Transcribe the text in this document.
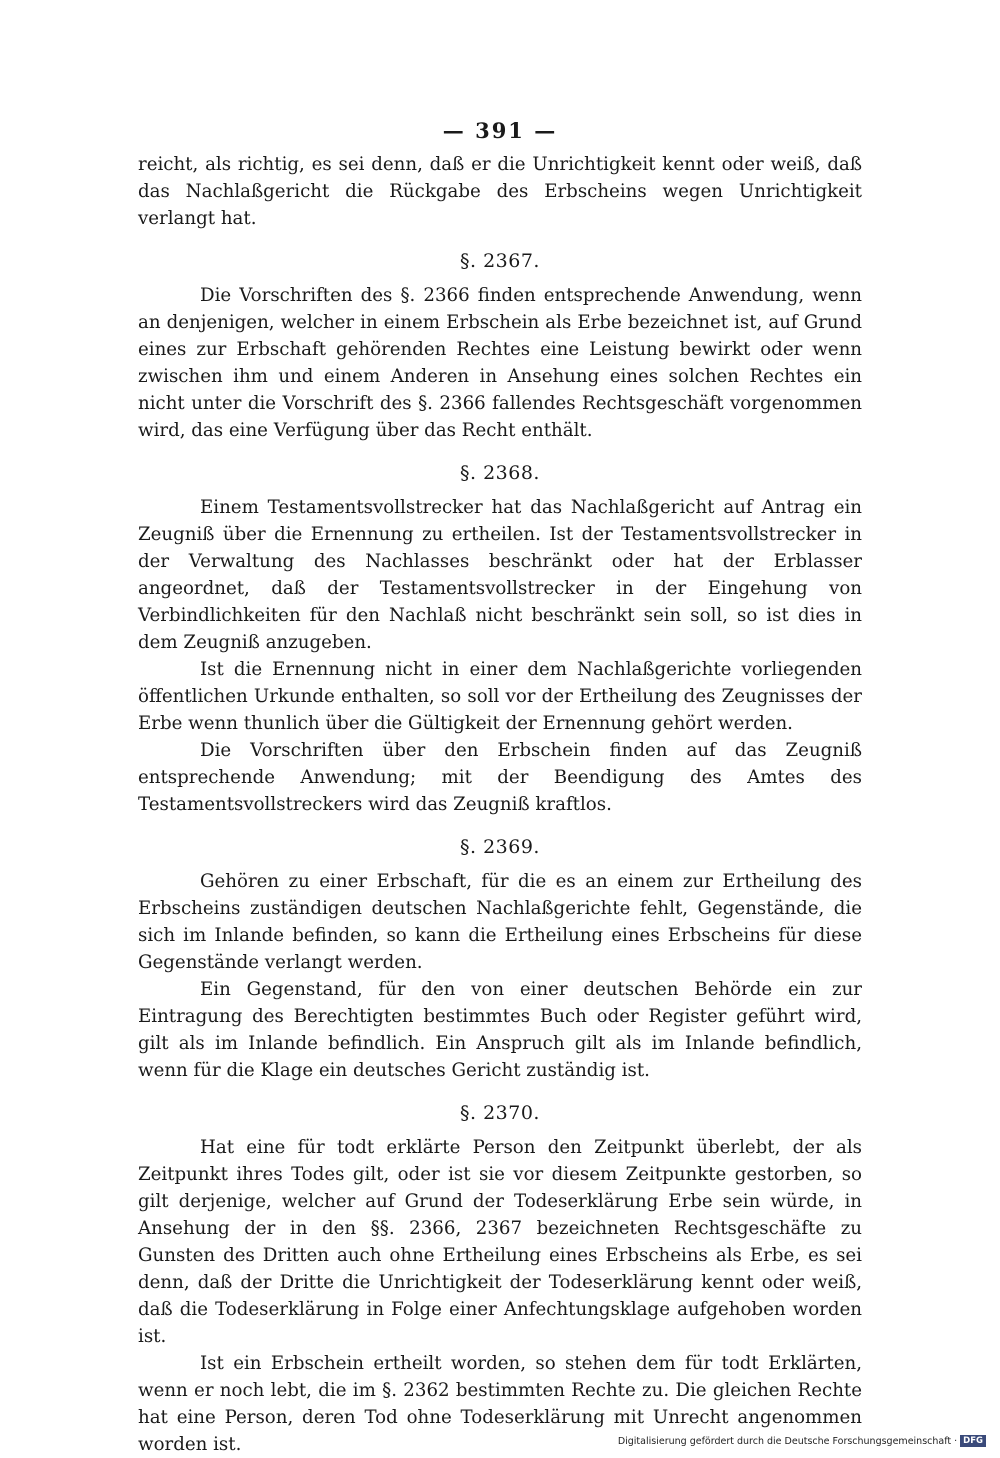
— 391 —

reicht, als richtig, es sei denn, daß er die Unrichtigkeit kennt oder weiß, daß das Nachlaßgericht die Rückgabe des Erbscheins wegen Unrichtigkeit verlangt hat.

§. 2367.

Die Vorschriften des §. 2366 finden entsprechende Anwendung, wenn an denjenigen, welcher in einem Erbschein als Erbe bezeichnet ist, auf Grund eines zur Erbschaft gehörenden Rechtes eine Leistung bewirkt oder wenn zwischen ihm und einem Anderen in Ansehung eines solchen Rechtes ein nicht unter die Vorschrift des §. 2366 fallendes Rechtsgeschäft vorgenommen wird, das eine Verfügung über das Recht enthält.

§. 2368.

Einem Testamentsvollstrecker hat das Nachlaßgericht auf Antrag ein Zeugniß über die Ernennung zu ertheilen. Ist der Testamentsvollstrecker in der Verwaltung des Nachlasses beschränkt oder hat der Erblasser angeordnet, daß der Testamentsvollstrecker in der Eingehung von Verbindlichkeiten für den Nachlaß nicht beschränkt sein soll, so ist dies in dem Zeugniß anzugeben.

Ist die Ernennung nicht in einer dem Nachlaßgerichte vorliegenden öffentlichen Urkunde enthalten, so soll vor der Ertheilung des Zeugnisses der Erbe wenn thunlich über die Gültigkeit der Ernennung gehört werden.

Die Vorschriften über den Erbschein finden auf das Zeugniß entsprechende Anwendung; mit der Beendigung des Amtes des Testamentsvollstreckers wird das Zeugniß kraftlos.

§. 2369.

Gehören zu einer Erbschaft, für die es an einem zur Ertheilung des Erbscheins zuständigen deutschen Nachlaßgerichte fehlt, Gegenstände, die sich im Inlande befinden, so kann die Ertheilung eines Erbscheins für diese Gegenstände verlangt werden.

Ein Gegenstand, für den von einer deutschen Behörde ein zur Eintragung des Berechtigten bestimmtes Buch oder Register geführt wird, gilt als im Inlande befindlich. Ein Anspruch gilt als im Inlande befindlich, wenn für die Klage ein deutsches Gericht zuständig ist.

§. 2370.

Hat eine für todt erklärte Person den Zeitpunkt überlebt, der als Zeitpunkt ihres Todes gilt, oder ist sie vor diesem Zeitpunkte gestorben, so gilt derjenige, welcher auf Grund der Todeserklärung Erbe sein würde, in Ansehung der in den §§. 2366, 2367 bezeichneten Rechtsgeschäfte zu Gunsten des Dritten auch ohne Ertheilung eines Erbscheins als Erbe, es sei denn, daß der Dritte die Unrichtigkeit der Todeserklärung kennt oder weiß, daß die Todeserklärung in Folge einer Anfechtungsklage aufgehoben worden ist.

Ist ein Erbschein ertheilt worden, so stehen dem für todt Erklärten, wenn er noch lebt, die im §. 2362 bestimmten Rechte zu. Die gleichen Rechte hat eine Person, deren Tod ohne Todeserklärung mit Unrecht angenommen worden ist.	Digitalisierung gefördert durch die Deutsche Forschungsgemeinschaft · DFG
